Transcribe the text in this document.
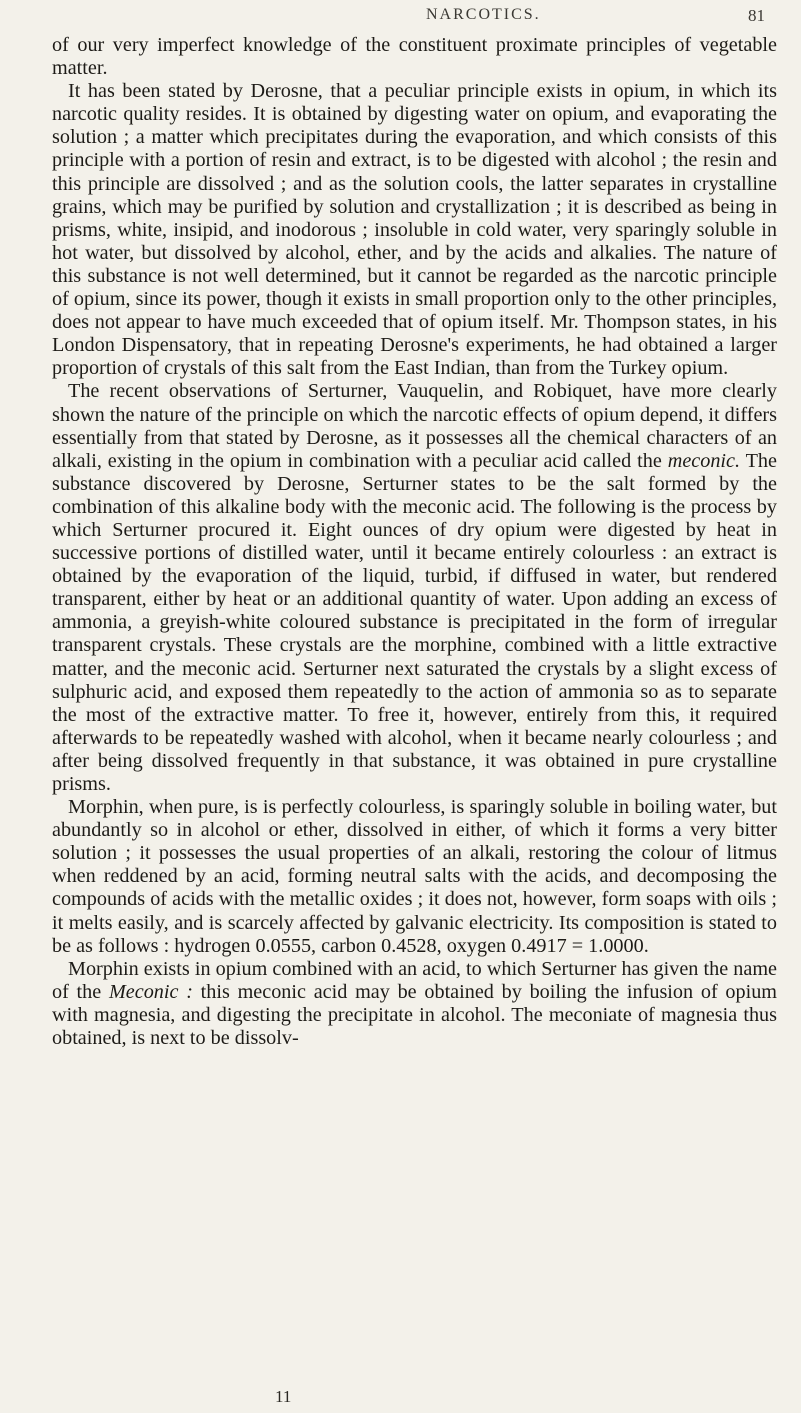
NARCOTICS.	81

of our very imperfect knowledge of the constituent proximate principles of vegetable matter.

It has been stated by Derosne, that a peculiar principle exists in opium, in which its narcotic quality resides. It is obtained by digesting water on opium, and evaporating the solution ; a matter which precipitates during the evaporation, and which consists of this principle with a portion of resin and extract, is to be digested with alcohol ; the resin and this principle are dissolved ; and as the solution cools, the latter separates in crystalline grains, which may be purified by solution and crystallization ; it is described as being in prisms, white, insipid, and inodorous ; insoluble in cold water, very sparingly soluble in hot water, but dissolved by alcohol, ether, and by the acids and alkalies. The nature of this substance is not well determined, but it cannot be regarded as the narcotic principle of opium, since its power, though it exists in small proportion only to the other principles, does not appear to have much exceeded that of opium itself. Mr. Thompson states, in his London Dispensatory, that in repeating Derosne's experiments, he had obtained a larger proportion of crystals of this salt from the East Indian, than from the Turkey opium.

The recent observations of Serturner, Vauquelin, and Robiquet, have more clearly shown the nature of the principle on which the narcotic effects of opium depend, it differs essentially from that stated by Derosne, as it possesses all the chemical characters of an alkali, existing in the opium in combination with a peculiar acid called the meconic. The substance discovered by Derosne, Serturner states to be the salt formed by the combination of this alkaline body with the meconic acid. The following is the process by which Serturner procured it. Eight ounces of dry opium were digested by heat in successive portions of distilled water, until it became entirely colourless : an extract is obtained by the evaporation of the liquid, turbid, if diffused in water, but rendered transparent, either by heat or an additional quantity of water. Upon adding an excess of ammonia, a greyish-white coloured substance is precipitated in the form of irregular transparent crystals. These crystals are the morphine, combined with a little extractive matter, and the meconic acid. Serturner next saturated the crystals by a slight excess of sulphuric acid, and exposed them repeatedly to the action of ammonia so as to separate the most of the extractive matter. To free it, however, entirely from this, it required afterwards to be repeatedly washed with alcohol, when it became nearly colourless ; and after being dissolved frequently in that substance, it was obtained in pure crystalline prisms.

Morphin, when pure, is is perfectly colourless, is sparingly soluble in boiling water, but abundantly so in alcohol or ether, dissolved in either, of which it forms a very bitter solution ; it possesses the usual properties of an alkali, restoring the colour of litmus when reddened by an acid, forming neutral salts with the acids, and decomposing the compounds of acids with the metallic oxides ; it does not, however, form soaps with oils ; it melts easily, and is scarcely affected by galvanic electricity. Its composition is stated to be as follows : hydrogen 0.0555, carbon 0.4528, oxygen 0.4917 = 1.0000.

Morphin exists in opium combined with an acid, to which Serturner has given the name of the Meconic : this meconic acid may be obtained by boiling the infusion of opium with magnesia, and digesting the precipitate in alcohol. The meconiate of magnesia thus obtained, is next to be dissolv-

11
